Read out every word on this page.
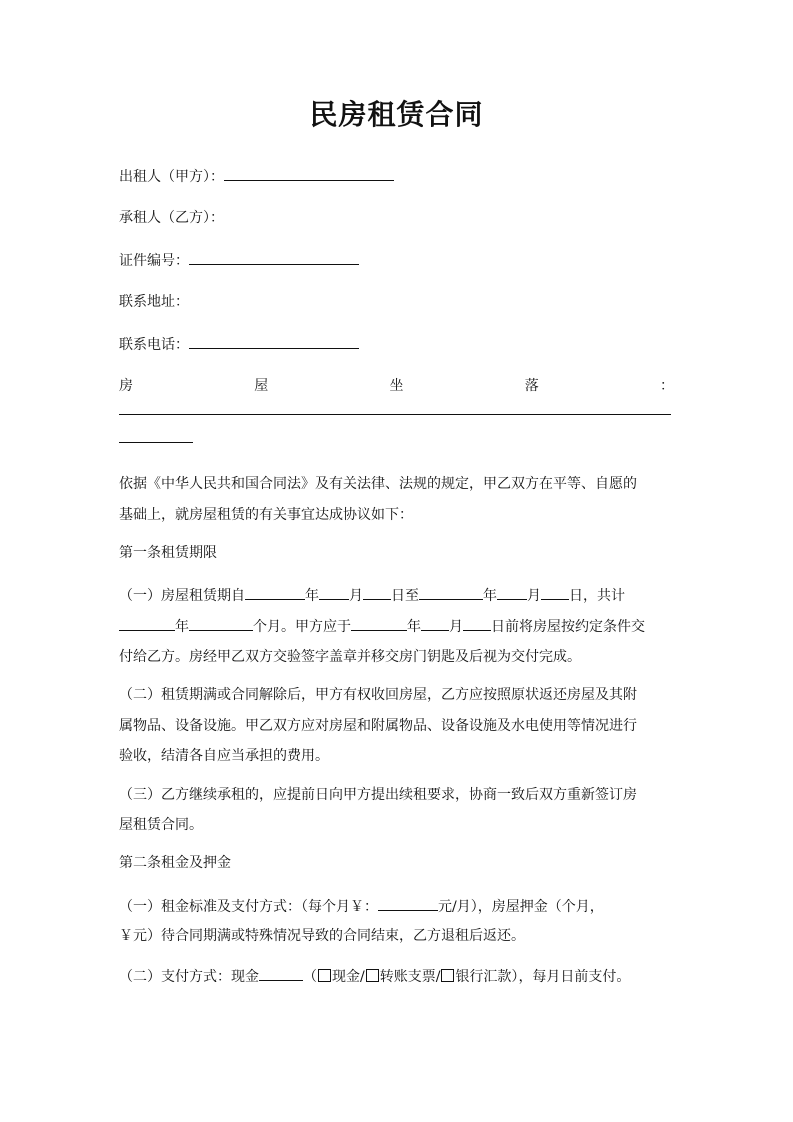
民房租赁合同
出租人（甲方）：
承租人（乙方）：
证件编号：
联系地址：
联系电话：
房	屋	坐	落	：
依据《中华人民共和国合同法》及有关法律、法规的规定，甲乙双方在平等、自愿的
基础上，就房屋租赁的有关事宜达成协议如下：
第一条租赁期限
（一）房屋租赁期自	年 月 日至	年 月 日，共计
年	个月。甲方应于	年 月 日前将房屋按约定条件交
付给乙方。房经甲乙双方交验签字盖章并移交房门钥匙及后视为交付完成。
（二）租赁期满或合同解除后，甲方有权收回房屋，乙方应按照原状返还房屋及其附
属物品、设备设施。甲乙双方应对房屋和附属物品、设备设施及水电使用等情况进行
验收，结清各自应当承担的费用。
（三）乙方继续承租的，应提前日向甲方提出续租要求，协商一致后双方重新签订房
屋租赁合同。
第二条租金及押金
（一）租金标准及支付方式：（每个月￥：	元/月），房屋押金（个月，
￥元）待合同期满或特殊情况导致的合同结束，乙方退租后返还。
（二）支付方式：现金	（ 现金/ 转账支票/ 银行汇款），每月日前支付。
